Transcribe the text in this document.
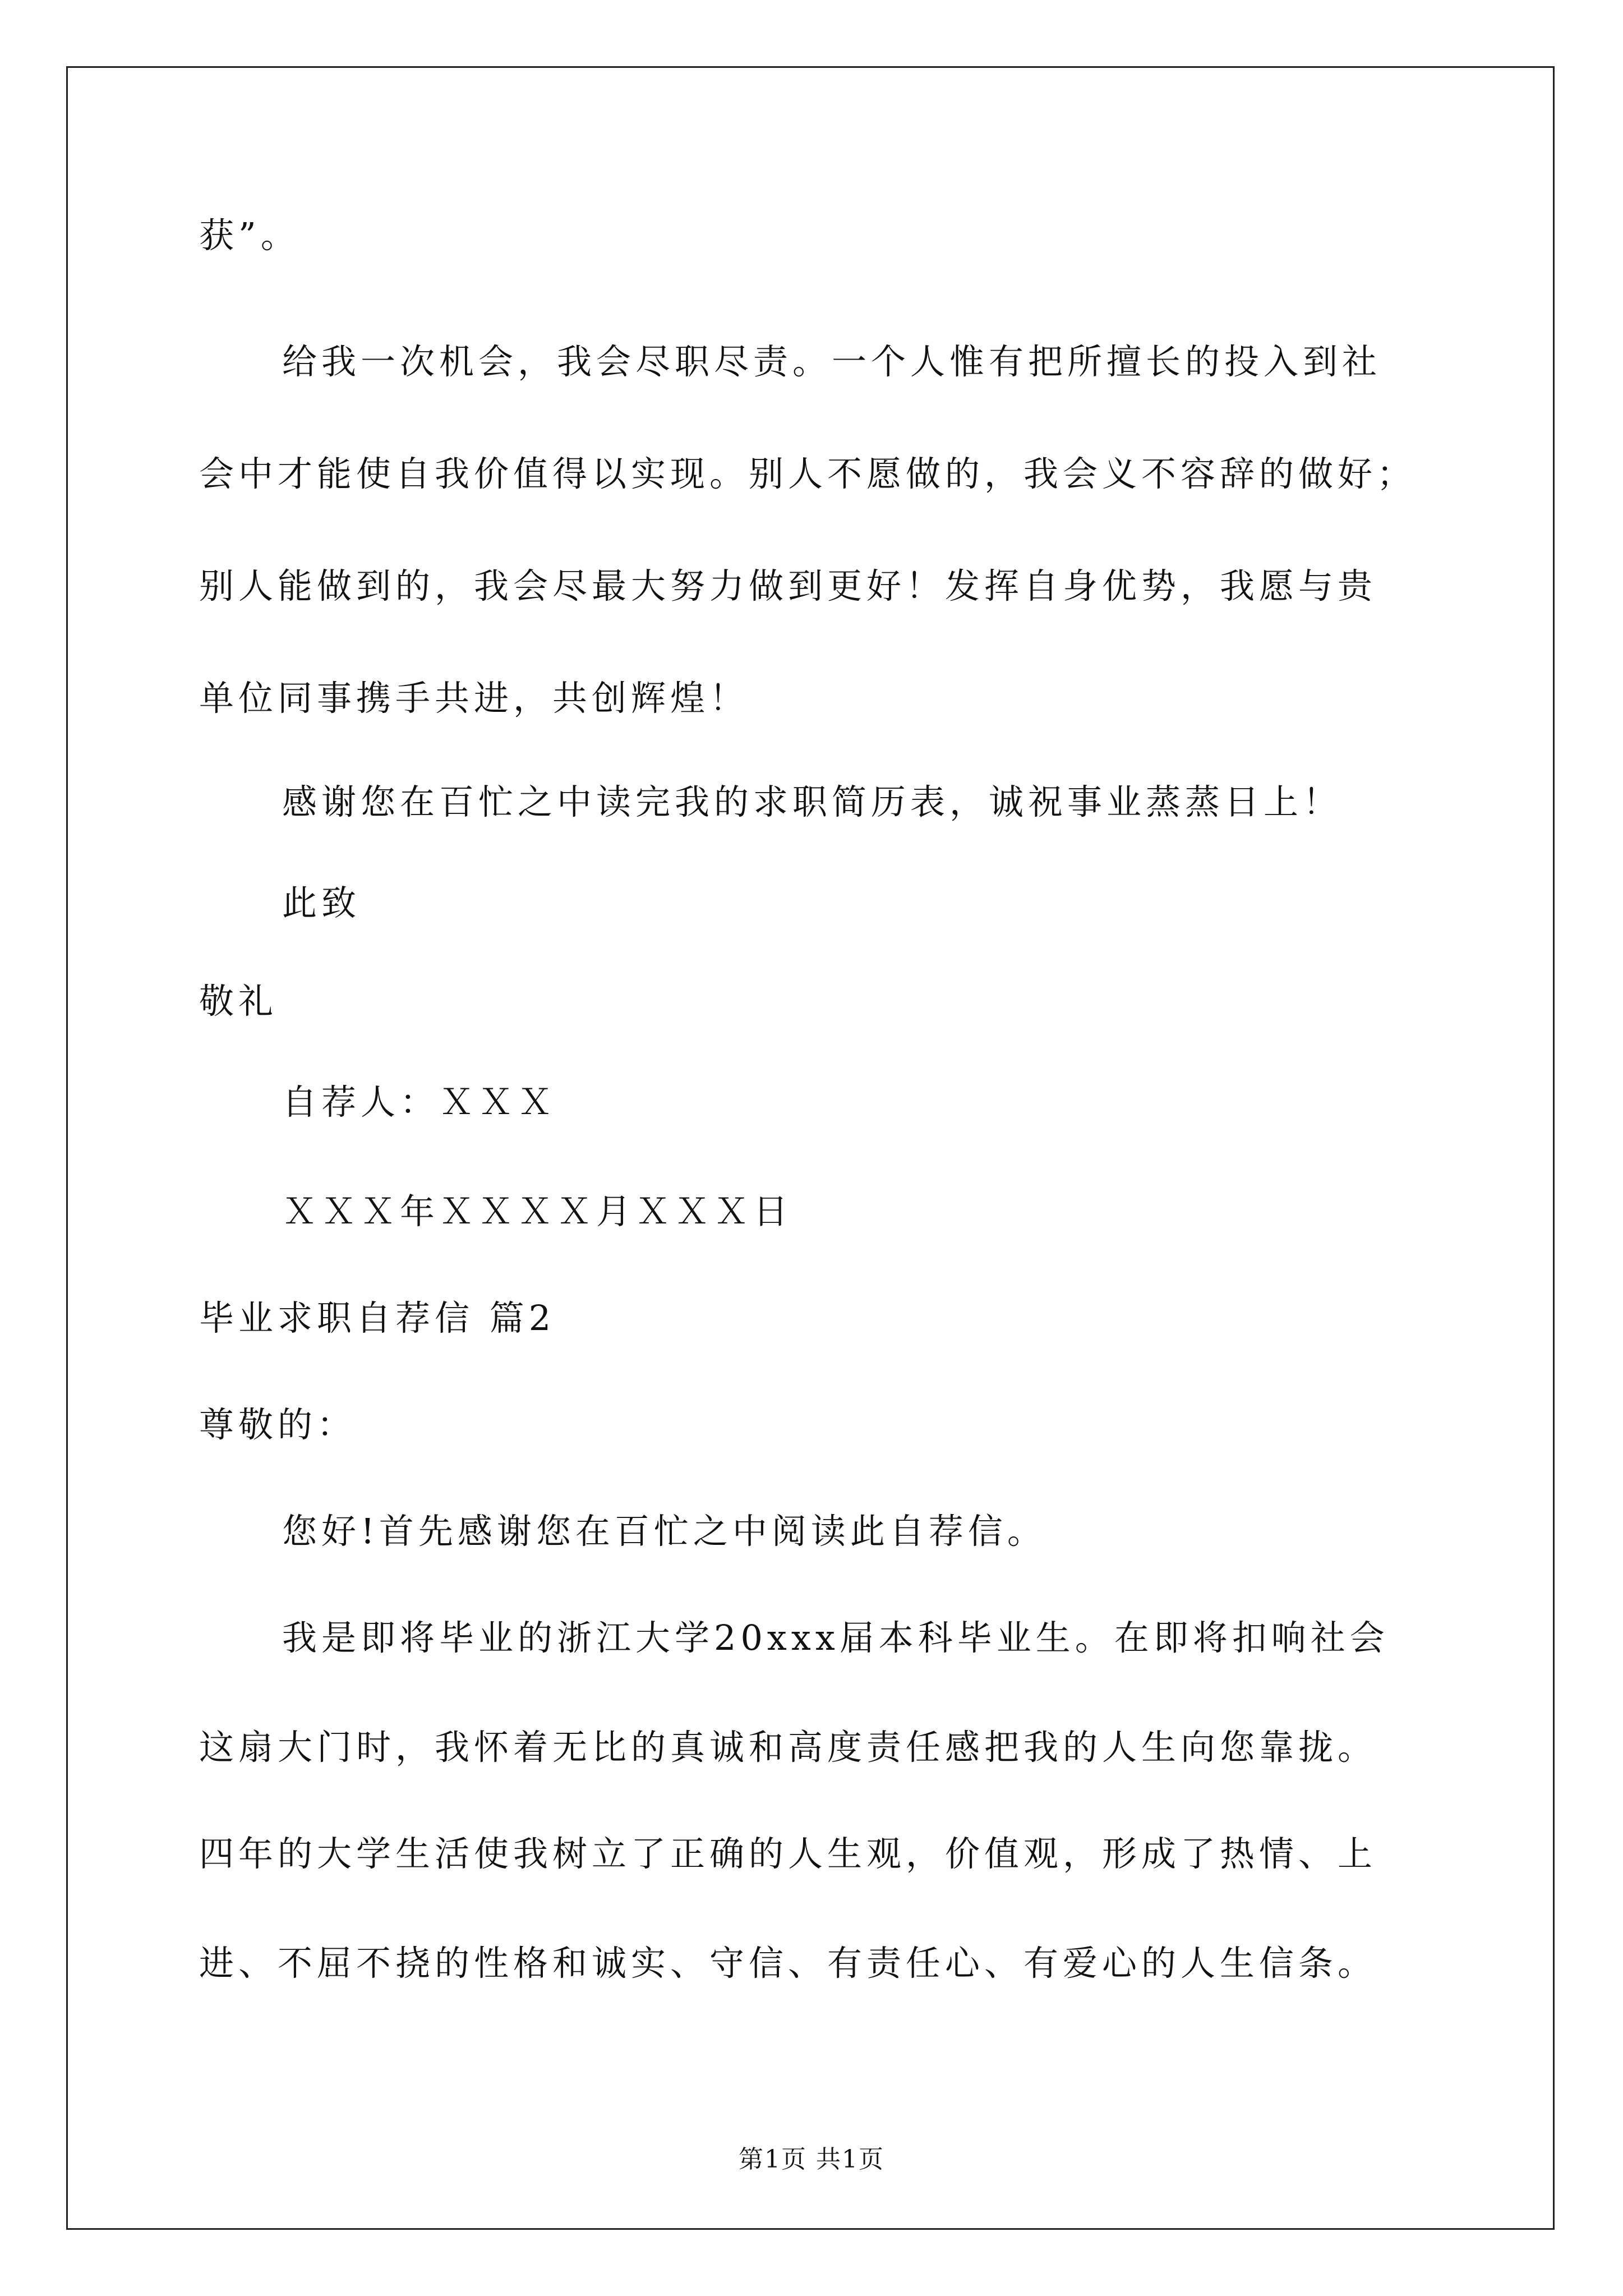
获”。
给我一次机会，我会尽职尽责。一个人惟有把所擅长的投入到社
会中才能使自我价值得以实现。别人不愿做的，我会义不容辞的做好；
别人能做到的，我会尽最大努力做到更好！发挥自身优势，我愿与贵
单位同事携手共进，共创辉煌！
感谢您在百忙之中读完我的求职简历表，诚祝事业蒸蒸日上！
此致
敬礼
自荐人：ＸＸＸ
ＸＸＸ年ＸＸＸＸ月ＸＸＸ日
毕业求职自荐信 篇2
尊敬的：
您好!首先感谢您在百忙之中阅读此自荐信。
我是即将毕业的浙江大学20xxx届本科毕业生。在即将扣响社会
这扇大门时，我怀着无比的真诚和高度责任感把我的人生向您靠拢。
四年的大学生活使我树立了正确的人生观，价值观，形成了热情、上
进、不屈不挠的性格和诚实、守信、有责任心、有爱心的人生信条。
第1页 共1页
